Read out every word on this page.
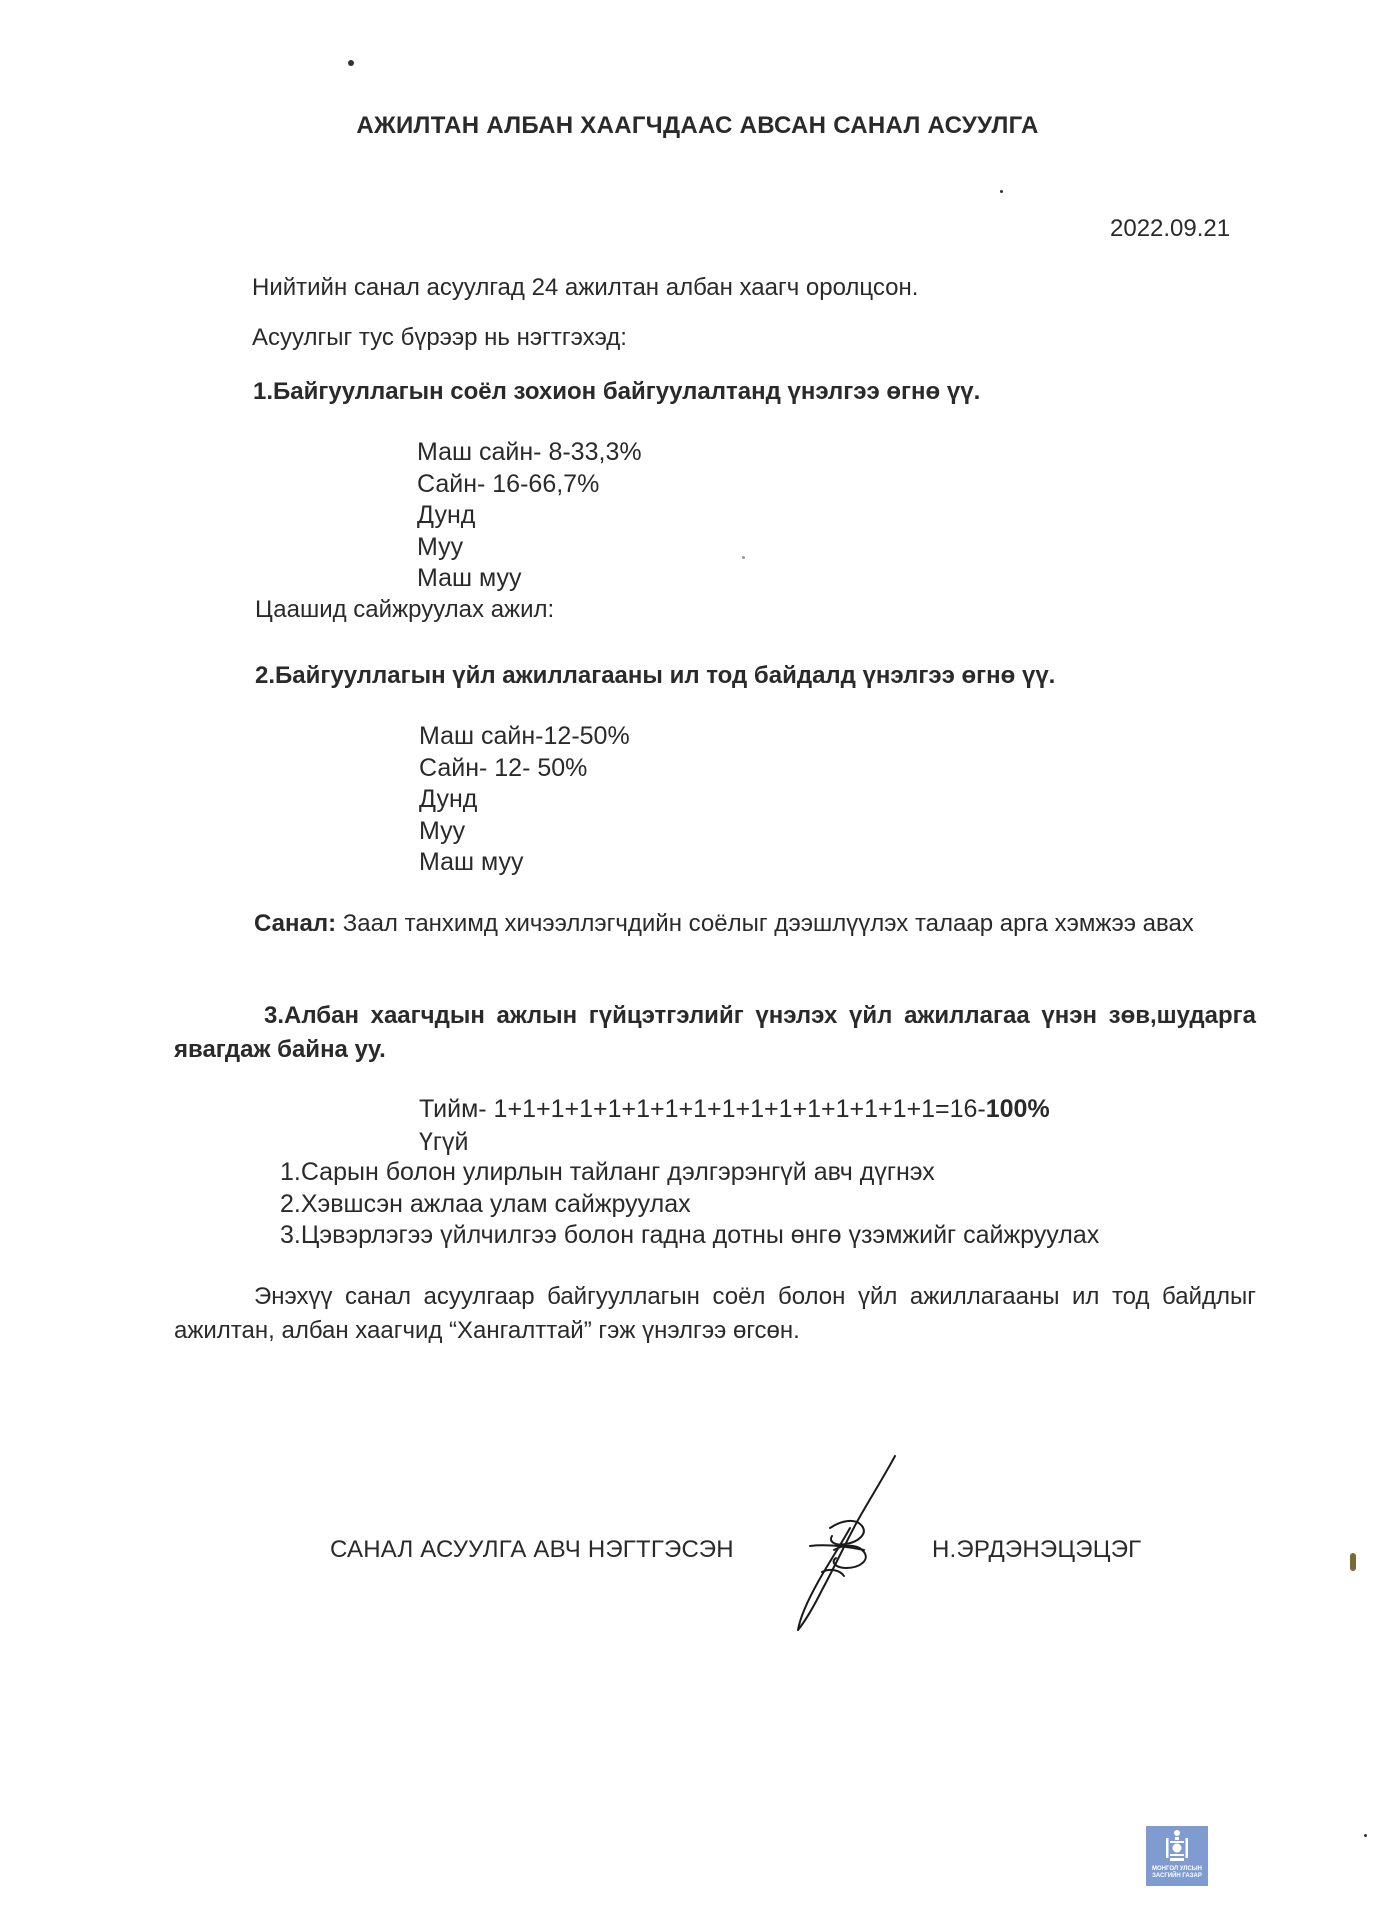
АЖИЛТАН АЛБАН ХААГЧДААС АВСАН САНАЛ АСУУЛГА
2022.09.21
Нийтийн санал асуулгад 24 ажилтан албан хаагч оролцсон.
Асуулгыг тус бүрээр нь нэгтгэхэд:
1.Байгууллагын соёл зохион байгуулалтанд үнэлгээ өгнө үү.
Маш сайн- 8-33,3%
Сайн- 16-66,7%
Дунд
Муу
Маш муу
Цаашид сайжруулах ажил:
2.Байгууллагын үйл ажиллагааны ил тод байдалд үнэлгээ өгнө үү.
Маш сайн-12-50%
Сайн- 12- 50%
Дунд
Муу
Маш муу
Санал: Заал танхимд хичээллэгчдийн соёлыг дээшлүүлэх талаар арга хэмжээ авах
3.Албан хаагчдын ажлын гүйцэтгэлийг үнэлэх үйл ажиллагаа үнэн зөв,шударга явагдаж байна уу.
Тийм- 1+1+1+1+1+1+1+1+1+1+1+1+1+1+1+1=16-100%
Үгүй
1.Сарын болон улирлын тайланг дэлгэрэнгүй авч дүгнэх
2.Хэвшсэн ажлаа улам сайжруулах
3.Цэвэрлэгээ үйлчилгээ болон гадна дотны өнгө үзэмжийг сайжруулах
Энэхүү санал асуулгаар байгууллагын соёл болон үйл ажиллагааны ил тод байдлыг ажилтан, албан хаагчид “Хангалттай” гэж үнэлгээ өгсөн.
САНАЛ АСУУЛГА АВЧ НЭГТГЭСЭН	Н.ЭРДЭНЭЦЭЦЭГ
МОНГОЛ УЛСЫН
ЗАСГИЙН ГАЗАР
